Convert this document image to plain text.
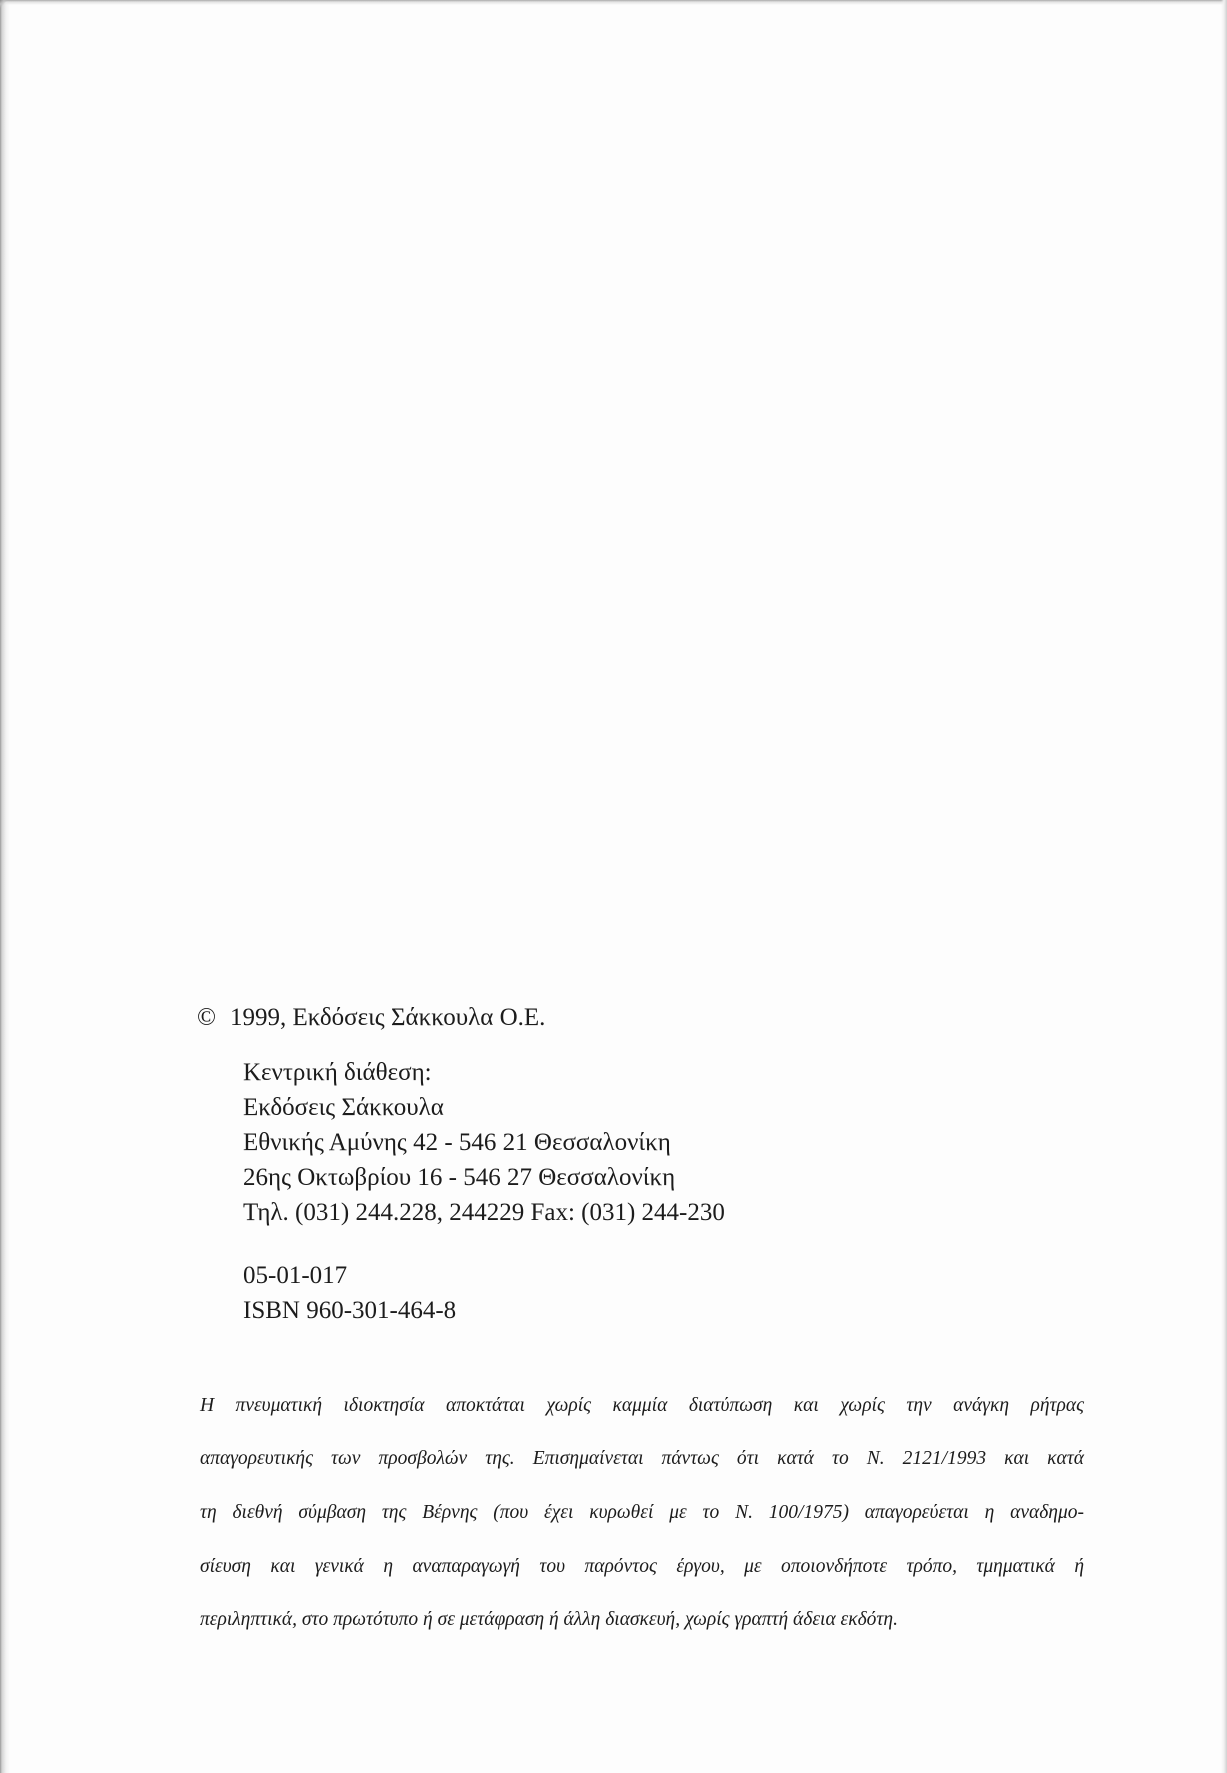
© 1999, Εκδόσεις Σάκκουλα Ο.Ε.
Κεντρική διάθεση:
Εκδόσεις Σάκκουλα
Εθνικής Αμύνης 42 - 546 21 Θεσσαλονίκη
26ης Οκτωβρίου 16 - 546 27 Θεσσαλονίκη
Τηλ. (031) 244.228, 244229 Fax: (031) 244-230
05-01-017
ISBN 960-301-464-8

Η πνευματική ιδιοκτησία αποκτάται χωρίς καμμία διατύπωση και χωρίς την ανάγκη ρήτρας

απαγορευτικής των προσβολών της. Επισημαίνεται πάντως ότι κατά το Ν. 2121/1993 και κατά

τη διεθνή σύμβαση της Βέρνης (που έχει κυρωθεί με το Ν. 100/1975) απαγορεύεται η αναδημο-

σίευση και γενικά η αναπαραγωγή του παρόντος έργου, με οποιονδήποτε τρόπο, τμηματικά ή

περιληπτικά, στο πρωτότυπο ή σε μετάφραση ή άλλη διασκευή, χωρίς γραπτή άδεια εκδότη.
